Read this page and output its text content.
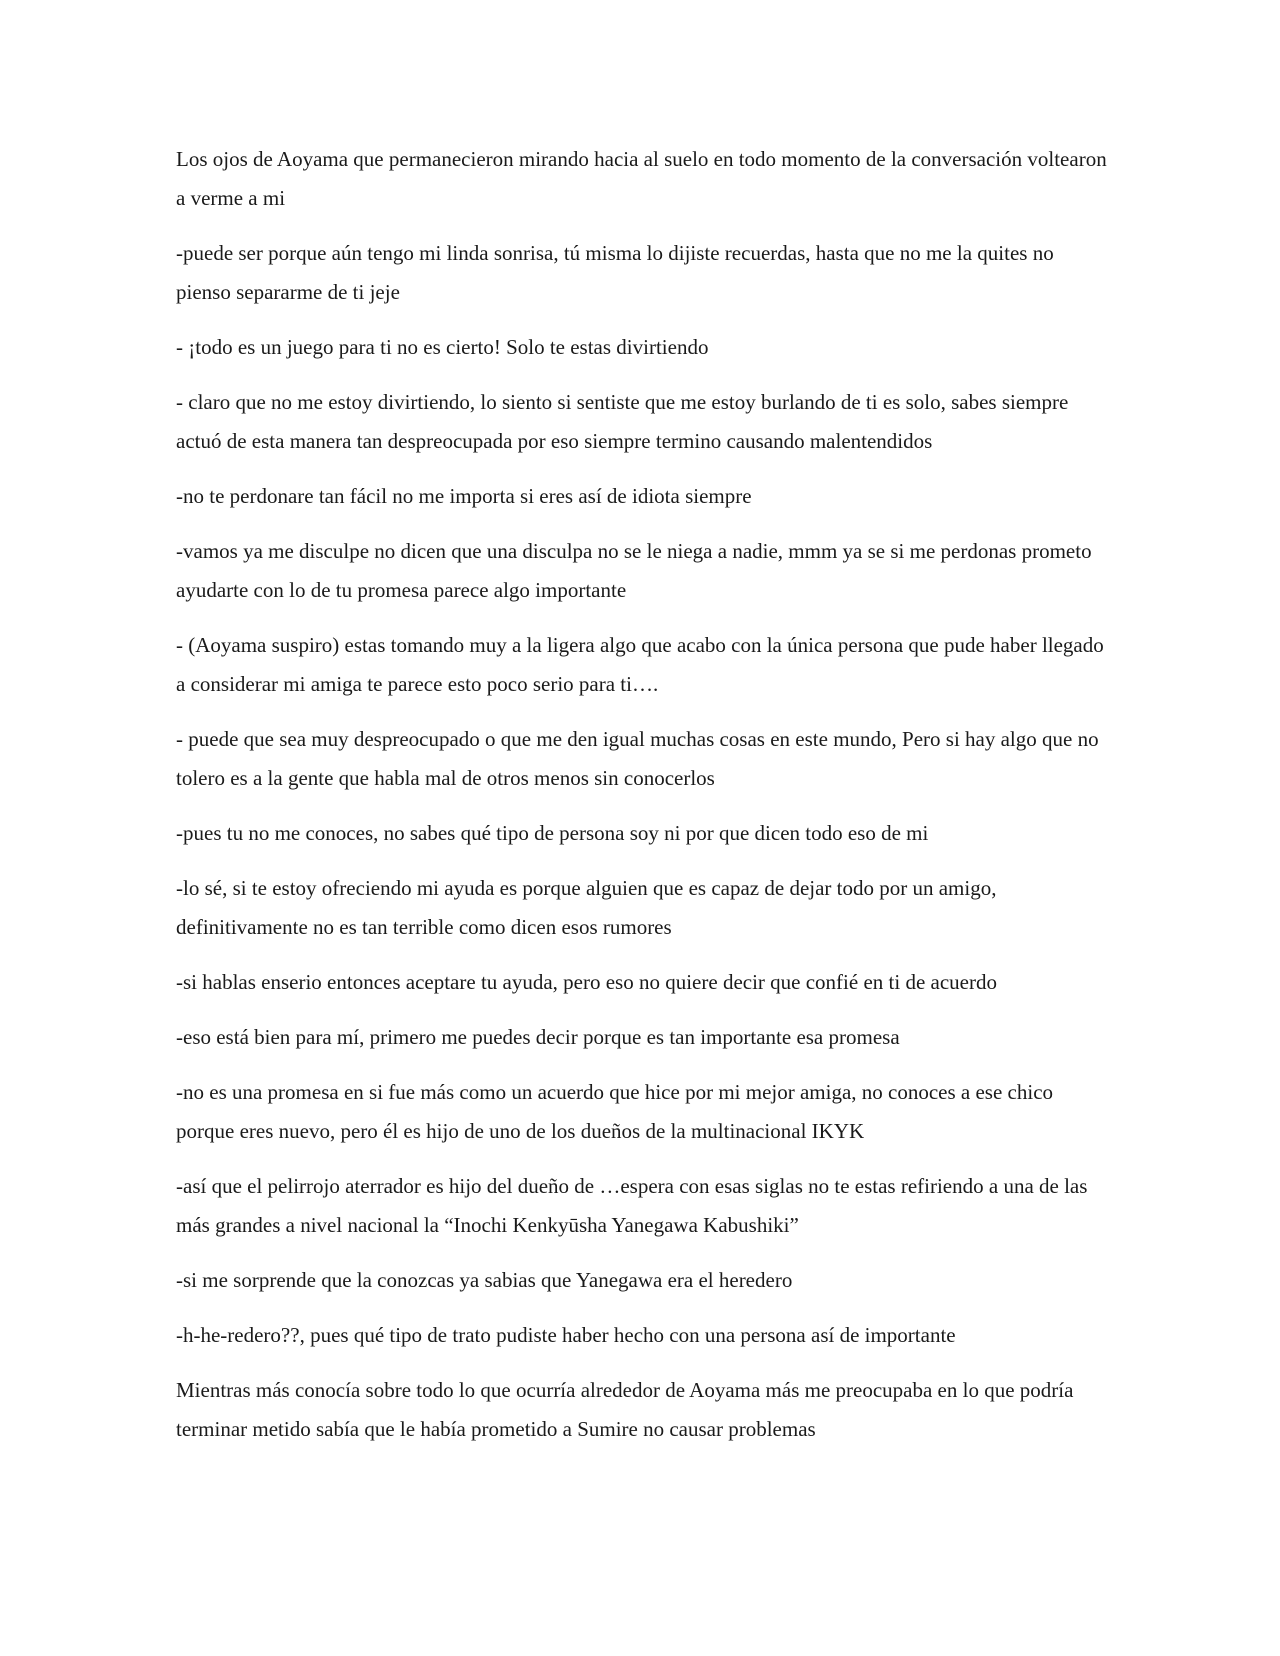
Los ojos de Aoyama que permanecieron mirando hacia al suelo en todo momento de la conversación voltearon a verme a mi

-puede ser porque aún tengo mi linda sonrisa, tú misma lo dijiste recuerdas, hasta que no me la quites no pienso separarme de ti jeje

- ¡todo es un juego para ti no es cierto! Solo te estas divirtiendo

- claro que no me estoy divirtiendo, lo siento si sentiste que me estoy burlando de ti es solo, sabes siempre actuó de esta manera tan despreocupada por eso siempre termino causando malentendidos

-no te perdonare tan fácil no me importa si eres así de idiota siempre

-vamos ya me disculpe no dicen que una disculpa no se le niega a nadie, mmm ya se si me perdonas prometo ayudarte con lo de tu promesa parece algo importante

- (Aoyama suspiro) estas tomando muy a la ligera algo que acabo con la única persona que pude haber llegado a considerar mi amiga te parece esto poco serio para ti….

- puede que sea muy despreocupado o que me den igual muchas cosas en este mundo, Pero si hay algo que no tolero es a la gente que habla mal de otros menos sin conocerlos

-pues tu no me conoces, no sabes qué tipo de persona soy ni por que dicen todo eso de mi

-lo sé, si te estoy ofreciendo mi ayuda es porque alguien que es capaz de dejar todo por un amigo, definitivamente no es tan terrible como dicen esos rumores

-si hablas enserio entonces aceptare tu ayuda, pero eso no quiere decir que confié en ti de acuerdo

-eso está bien para mí, primero me puedes decir porque es tan importante esa promesa

-no es una promesa en si fue más como un acuerdo que hice por mi mejor amiga, no conoces a ese chico porque eres nuevo, pero él es hijo de uno de los dueños de la multinacional IKYK

-así que el pelirrojo aterrador es hijo del dueño de …espera con esas siglas no te estas refiriendo a una de las más grandes a nivel nacional la “Inochi Kenkyūsha Yanegawa Kabushiki”

-si me sorprende que la conozcas ya sabias que Yanegawa era el heredero

-h-he-redero??, pues qué tipo de trato pudiste haber hecho con una persona así de importante

Mientras más conocía sobre todo lo que ocurría alrededor de Aoyama más me preocupaba en lo que podría terminar metido sabía que le había prometido a Sumire no causar problemas
